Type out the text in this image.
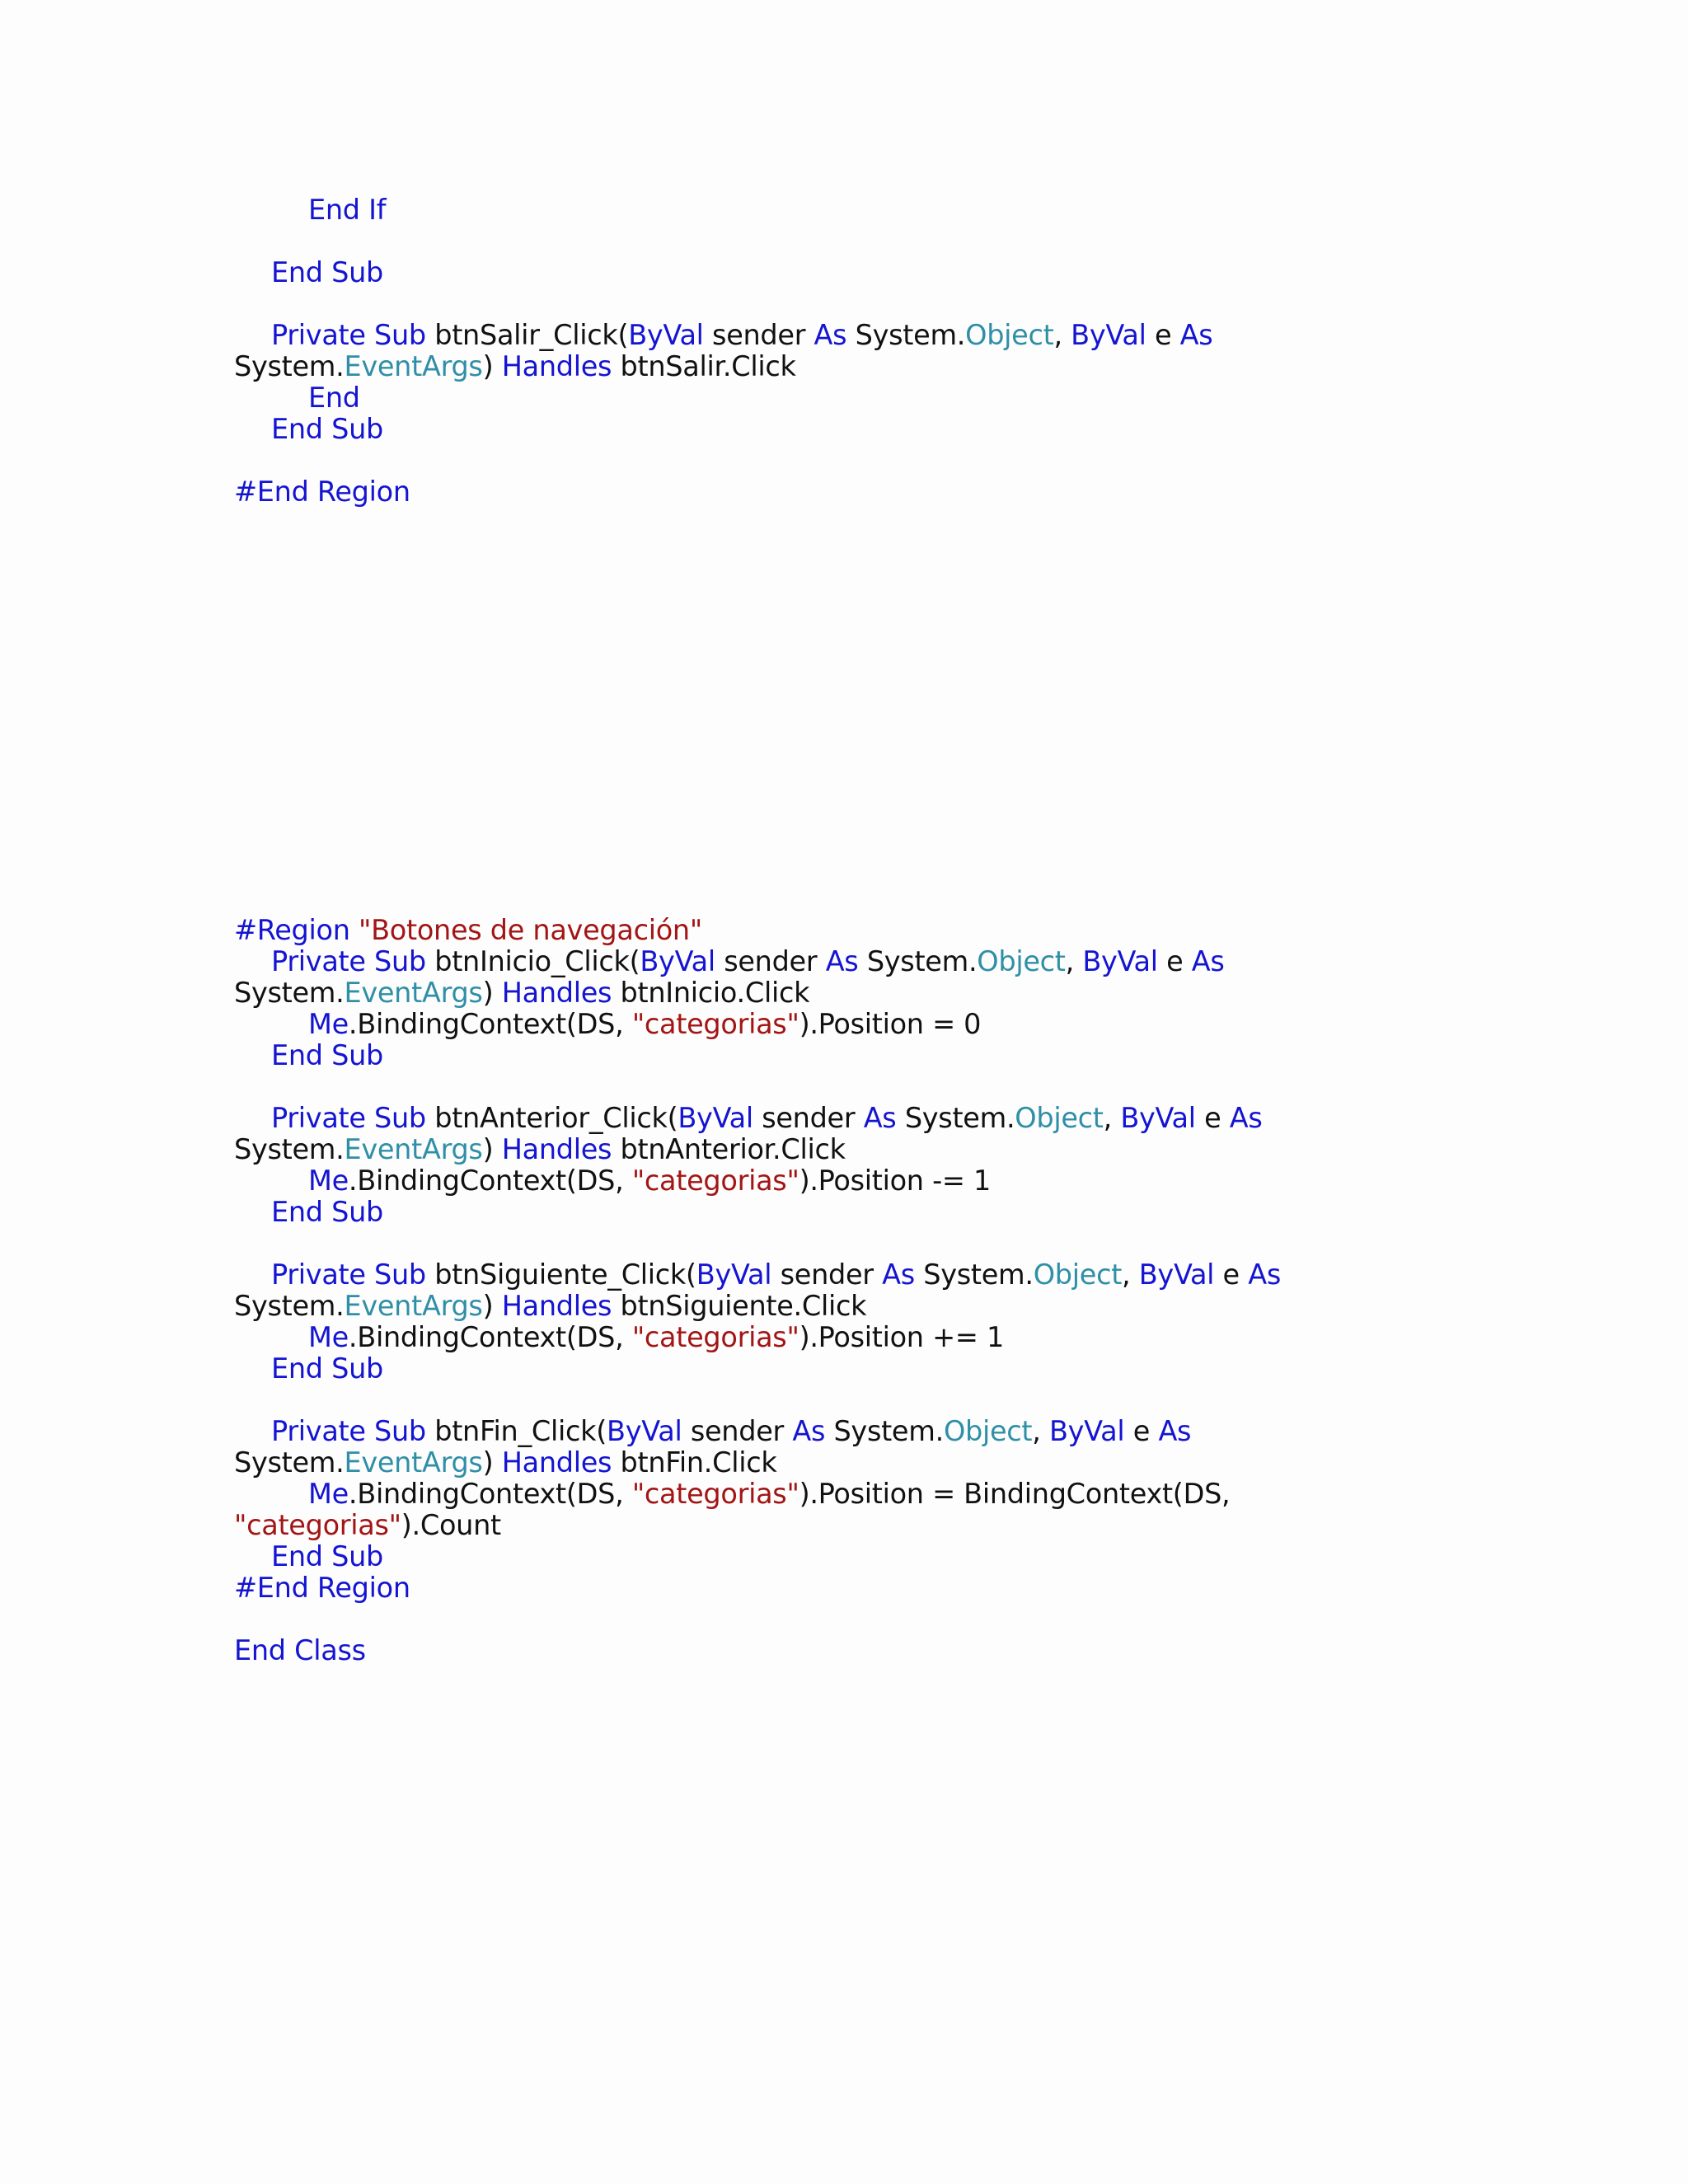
End If

End Sub

Private Sub btnSalir_Click(ByVal sender As System.Object, ByVal e As
System.EventArgs) Handles btnSalir.Click
End
End Sub

#End Region
#Region "Botones de navegación"
Private Sub btnInicio_Click(ByVal sender As System.Object, ByVal e As
System.EventArgs) Handles btnInicio.Click
Me.BindingContext(DS, "categorias").Position = 0
End Sub

Private Sub btnAnterior_Click(ByVal sender As System.Object, ByVal e As
System.EventArgs) Handles btnAnterior.Click
Me.BindingContext(DS, "categorias").Position -= 1
End Sub

Private Sub btnSiguiente_Click(ByVal sender As System.Object, ByVal e As
System.EventArgs) Handles btnSiguiente.Click
Me.BindingContext(DS, "categorias").Position += 1
End Sub

Private Sub btnFin_Click(ByVal sender As System.Object, ByVal e As
System.EventArgs) Handles btnFin.Click
Me.BindingContext(DS, "categorias").Position = BindingContext(DS,
"categorias").Count
End Sub
#End Region

End Class
